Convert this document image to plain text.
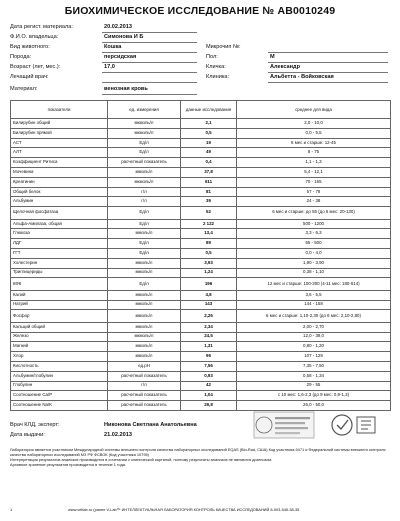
БИОХИМИЧЕСКОЕ ИССЛЕДОВАНИЕ № АВ0010249
Дата регист. материала:	20.02.2013
Ф.И.О. владельца:	Симонова И Б
Вид животного:	Кошка	Микрочип №:
Порода:	персидская	Пол:	М
Возраст (лет, мес.):	17,0	Кличка:	Александр
Лечащий врач:	Клиника:	Альбетта - Войковская
Материал:	венозная кровь
показатели	ед. измерения	данные исследования	среднее для вида
Билирубин общий	мкмоль/л	2,1	2,0 - 10,0
Билирубин прямой	мкмоль/л	0,5	0,0 - 5,5
АСТ	Ед/л	19	6 мес и старше: 12-45
АЛТ	Ед/л	49	8 - 75
Коэффициент Ритиса	расчетный показатель	0,4	1,1 - 1,3
Мочевина	ммоль/л	37,8	5,4 - 12,1
Креатинин	мкмоль/л	611	70 - 165
Общий белок	г/л	81	57 - 78
Альбумин	г/л	39	24 - 38
Щелочная фосфатаза	Ед/л	52	6 мес и старше: до 55 (до 6 мес: 20-130)
Альфа-Амилаза, общая	Ед/л	2 122	500 - 1200
Глюкоза	ммоль/л	13,4	3,3 - 6,3
ЛДГ	Ед/л	89	55 - 500
ГГТ	Ед/л	0,5	0,0 - 4,0
Холестерин	ммоль/л	3,93	1,90 - 3,90
Триглицериды	ммоль/л	1,24	0,38 - 1,10
КФК	Ед/л	196	12 мес и старше: 100-300 (4-11 мес: 180-614)
Калий	ммоль/л	4,8	3,6 - 5,5
Натрий	ммоль/л	143	144 - 158
Фосфор	ммоль/л	2,26	6 мес и старше: 1,10-2,30 (до 6 мес: 2,10-2,80)
Кальций общий	ммоль/л	2,34	2,00 - 2,70
Железо	мкмоль/л	24,5	12,0 - 39,0
Магний	ммоль/л	1,31	0,80 - 1,20
Хлор	ммоль/л	95	107 - 129
Кислотность	ед.рН	7,56	7,35 - 7,50
Альбумин/глобулин	расчетный показатель	0,93	0,58 - 1,34
Глобулин	г/л	42	29 - 55
Соотношение Са/Р	расчетный показатель	1,04	с 10 мес: 1,6-2,3 (до 9 мес: 0,9-1,3)
Соотношение Na/K	расчетный показатель	29,8	26,0 - 50,0
Врач КЛД, эксперт:	Никонова Светлана Анатольевна
Дата выдачи:	21.02.2013

Лаборатория является участником Международной системы внешнего контроля качества лабораторных исследований EQAS (Bio-Rad, США) Код участника 9471 и Федеральной системы внешнего контроля качества лабораторных исследований МЗ РФ ФСВОК (Код участника 10795)

Интерпретация результатов анализов производится в сочетании с клинической картиной, поэтому результаты анализов не являются диагнозом.

Архивное хранение результатов производится в течение 1 года.

1	www.vetlab.ru (ранее V-Lab™ ИНТЕЛЛЕКТУАЛЬНАЯ ЛАБОРАТОРИЯ КОНТРОЛЬ КАЧЕСТВА ИССЛЕДОВАНИЙ 8-903-545-38-35
